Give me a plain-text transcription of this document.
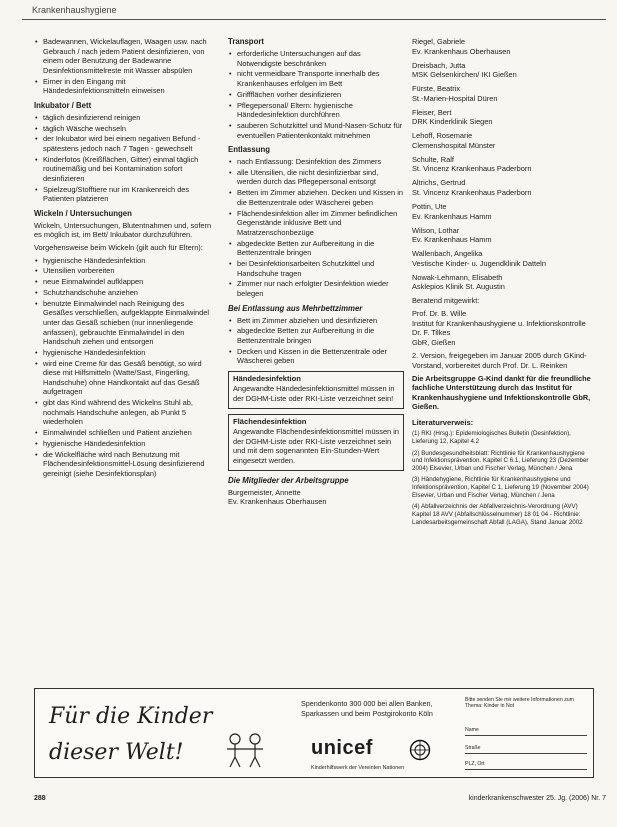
Krankenhaushygiene
• Badewannen, Wickelauflagen, Waagen usw. nach Gebrauch / nach jedem Patient desinfizieren, von einem oder Benutzung der Badewanne Desinfektionsmittelreste mit Wasser abspülen
• Eimer in den Eingang mit Händedesinfektionsmitteln einweisen
Inkubator / Bett
• täglich desinfizierend reinigen
• täglich Wäsche wechseln
• der Inkubator wird bei einem negativen Befund - spätestens jedoch nach 7 Tagen - gewechselt
• Kinderfotos (Kreißflächen, Gitter) einmal täglich routinemäßig und bei Kontamination sofort desinfizieren
• Spielzeug/Stofftiere nur im Krankenreich des Patienten platzieren
Wickeln / Untersuchungen

Wickeln, Untersuchungen, Blutentnahmen und, sofern es möglich ist, im Bett/ Inkubator durchzuführen.

Vorgehensweise beim Wickeln (gilt auch für Eltern):

• hygienische Händedesinfektion
• Utensilien vorbereiten
• neue Einmalwindel aufklappen
• Schutzhandschuhe anziehen
• benutzte Einmalwindel nach Reinigung des Gesäßes verschließen, aufgeklappte Einmalwindel unter das Gesäß schieben (nur innenliegende anfassen), gebrauchte Einmalwindel in den Handschuh ziehen und entsorgen
• hygienische Händedesinfektion
• wird eine Creme für das Gesäß benötigt, so wird diese mit Hilfsmitteln (Watte/Sast, Fingerling, Handschuhe) ohne Handkontakt auf das Gesäß aufgetragen
• gibt das Kind während des Wickelns Stuhl ab, nochmals Handschuhe anlegen, ab Punkt 5 wiederholen
• Einmalwindel schließen und Patient anziehen
• hygienische Händedesinfektion
• die Wickelfläche wird nach Benutzung mit Flächendesinfektionsmittel-Lösung desinfizierend gereinigt (siehe Desinfektionsplan)
Transport
• erforderliche Untersuchungen auf das Notwendigste beschränken
• nicht vermeidbare Transporte innerhalb des Krankenhauses erfolgen im Bett
• Griffflächen vorher desinfizieren
• Pflegepersonal/ Eltern: hygienische Händedesinfektion durchführen
• sauberen Schutzkittel und Mund-Nasen-Schutz für eventuellen Patientenkontakt mitnehmen
Entlassung
• nach Entlassung: Desinfektion des Zimmers
• alle Utensilien, die nicht desinfizierbar sind, werden durch das Pflegepersonal entsorgt
• Betten im Zimmer abziehen. Decken und Kissen in die Bettenzentrale oder Wäscherei geben
• Flächendesinfektion aller im Zimmer befindlichen Gegenstände inklusive Bett und Matratzenschonbezüge
• abgedeckte Betten zur Aufbereitung in die Bettenzentrale bringen
• bei Desinfektionsarbeiten Schutzkittel und Handschuhe tragen
• Zimmer nur nach erfolgter Desinfektion wieder belegen
Bei Entlassung aus Mehrbettzimmer
• Bett im Zimmer abziehen und desinfizieren
• abgedeckte Betten zur Aufbereitung in die Bettenzentrale bringen
• Decken und Kissen in die Bettenzentrale oder Wäscherei geben
Händedesinfektion
Angewandte Händedesinfektionsmittel müssen in der DGHM-Liste oder RKI-Liste verzeichnet sein!
Flächendesinfektion
Angewandte Flächendesinfektionsmittel müssen in der DGHM-Liste oder RKI-Liste verzeichnet sein und mit dem sogenannten Ein-Stunden-Wert eingesetzt werden.
Die Mitglieder der Arbeitsgruppe
Burgemeister, Annette
Ev. Krankenhaus Oberhausen
Riegel, Gabriele
Ev. Krankenhaus Oberhausen
Dreisbach, Jutta
MSK Gelsenkirchen/ IKI Gießen
Fürste, Beatrix
St.-Marien-Hospital Düren
Fleiser, Bert
DRK Kinderklinik Siegen
Lehoff, Rosemarie
Clemenshospital Münster
Schulte, Ralf
St. Vincenz Krankenhaus Paderborn
Altrichs, Gertrud
St. Vincenz Krankenhaus Paderborn
Pottin, Ute
Ev. Krankenhaus Hamm
Wilson, Lothar
Ev. Krankenhaus Hamm
Wallenbach, Angelika
Vestische Kinder- u. Jugendklinik Datteln
Nowak-Lehmann, Elisabeth
Asklepios Klinik St. Augustin

Beratend mitgewirkt:

Prof. Dr. B. Wille
Institut für Krankenhaushygiene u. Infektionskontrolle
Dr. F. Tilkes
GbR, Gießen

2. Version, freigegeben im Januar 2005 durch GKind-Vorstand, vorbereitet durch Prof. Dr. L. Reinken

Die Arbeitsgruppe G-Kind dankt für die freundliche fachliche Unterstützung durch das Institut für Krankenhaushygiene und Infektionskontrolle GbR, Gießen.

Literaturverweis:
(1) RKI (Hrsg.): Epidemiologisches Bulletin (Desinfektion), Lieferung 12, Kapitel 4.2
(2) Bundesgesundheitsblatt: Richtlinie für Krankenhaushygiene und Infektionsprävention. Kapitel C 6.1, Lieferung 23 (Dezember 2004) Elsevier, Urban und Fischer Verlag, München / Jena
(3) Händehygiene, Richtlinie für Krankenhaushygiene und Infektionsprävention, Kapitel C 1, Lieferung 19 (November 2004) Elsevier, Urban und Fischer Verlag, München / Jena
(4) Abfallverzeichnis der Abfallverzeichnis-Verordnung (AVV) Kapitel 18 AVV (Abfallschlüsselnummer) 18 01 04 - Richtlinie: Landesarbeitsgemeinschaft Abfall (LAGA), Stand Januar 2002
Für die Kinder
dieser Welt!
Spendenkonto 300 000 bei allen Banken, Sparkassen und beim Postgirokonto Köln
unicef
Kinderhilfswerk der Vereinten Nationen
Bitte senden Sie mir weitere Informationen zum Thema: Kinder in Not
Name
Straße
PLZ, Ort
288	kinderkrankenschwester 25. Jg. (2006) Nr. 7
